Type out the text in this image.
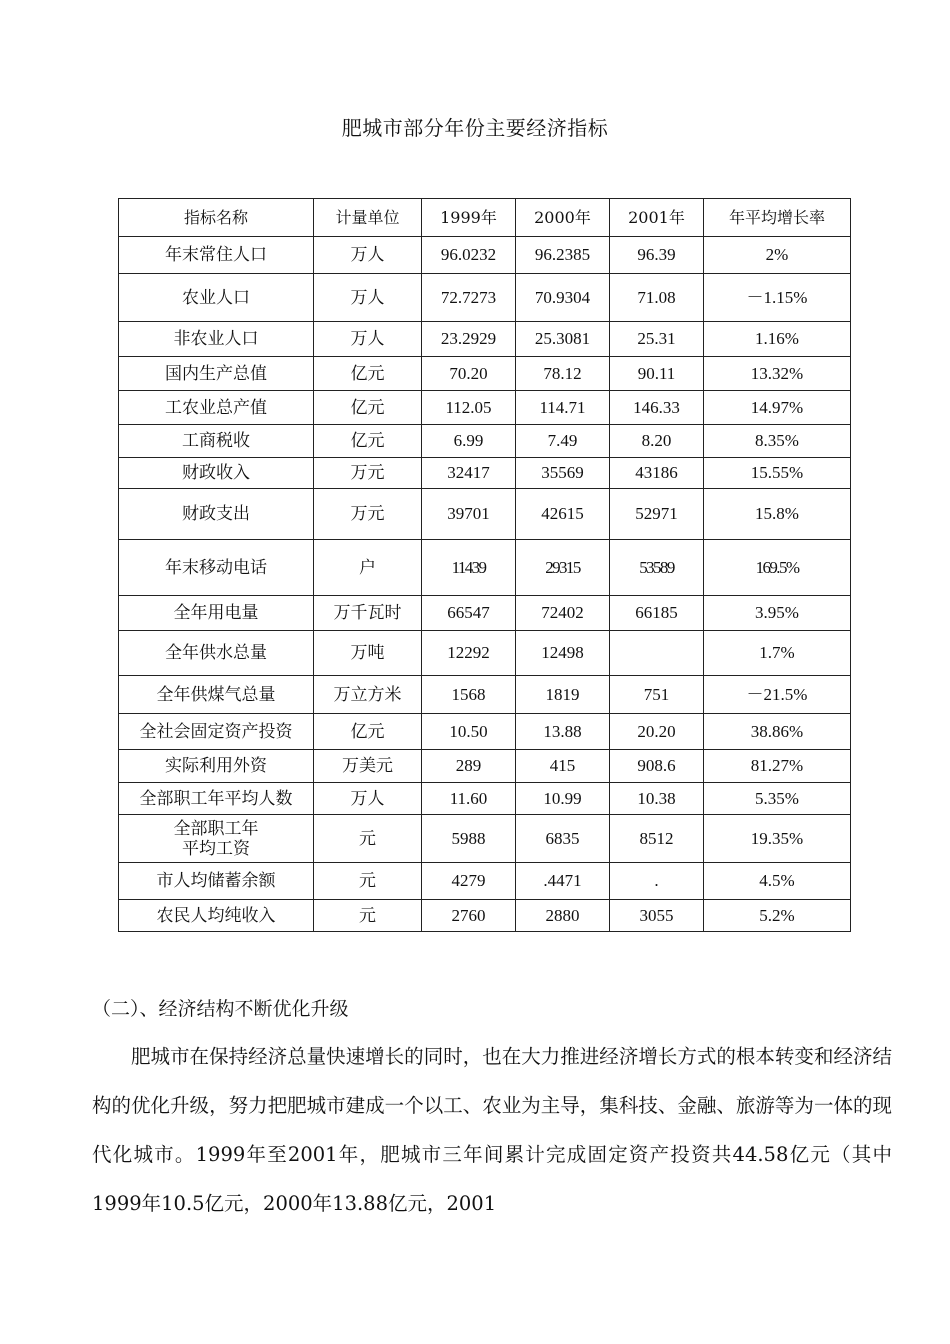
肥城市部分年份主要经济指标
指标名称	计量单位	1999年	2000年	2001年	年平均增长率
年末常住人口	万人	96.0232	96.2385	96.39	2%
农业人口	万人	72.7273	70.9304	71.08	－1.15%
非农业人口	万人	23.2929	25.3081	25.31	1.16%
国内生产总值	亿元	70.20	78.12	90.11	13.32%
工农业总产值	亿元	112.05	114.71	146.33	14.97%
工商税收	亿元	6.99	7.49	8.20	8.35%
财政收入	万元	32417	35569	43186	15.55%
财政支出	万元	39701	42615	52971	15.8%
年末移动电话	户	11439	29315	53589	169.5%
全年用电量	万千瓦时	66547	72402	66185	3.95%
全年供水总量	万吨	12292	12498		1.7%
全年供煤气总量	万立方米	1568	1819	751	－21.5%
全社会固定资产投资	亿元	10.50	13.88	20.20	38.86%
实际利用外资	万美元	289	415	908.6	81.27%
全部职工年平均人数	万人	11.60	10.99	10.38	5.35%

全部职工年
平均工资	元	5988	6835	8512	19.35%
市人均储蓄余额	元	4279	.4471	.	4.5%
农民人均纯收入	元	2760	2880	3055	5.2%
（二）、经济结构不断优化升级
肥城市在保持经济总量快速增长的同时，也在大力推进经济增长方式的根本转变和经济结构的优化升级，努力把肥城市建成一个以工、农业为主导，集科技、金融、旅游等为一体的现代化城市。1999年至2001年，肥城市三年间累计完成固定资产投资共44.58亿元（其中1999年10.5亿元，2000年13.88亿元，2001
